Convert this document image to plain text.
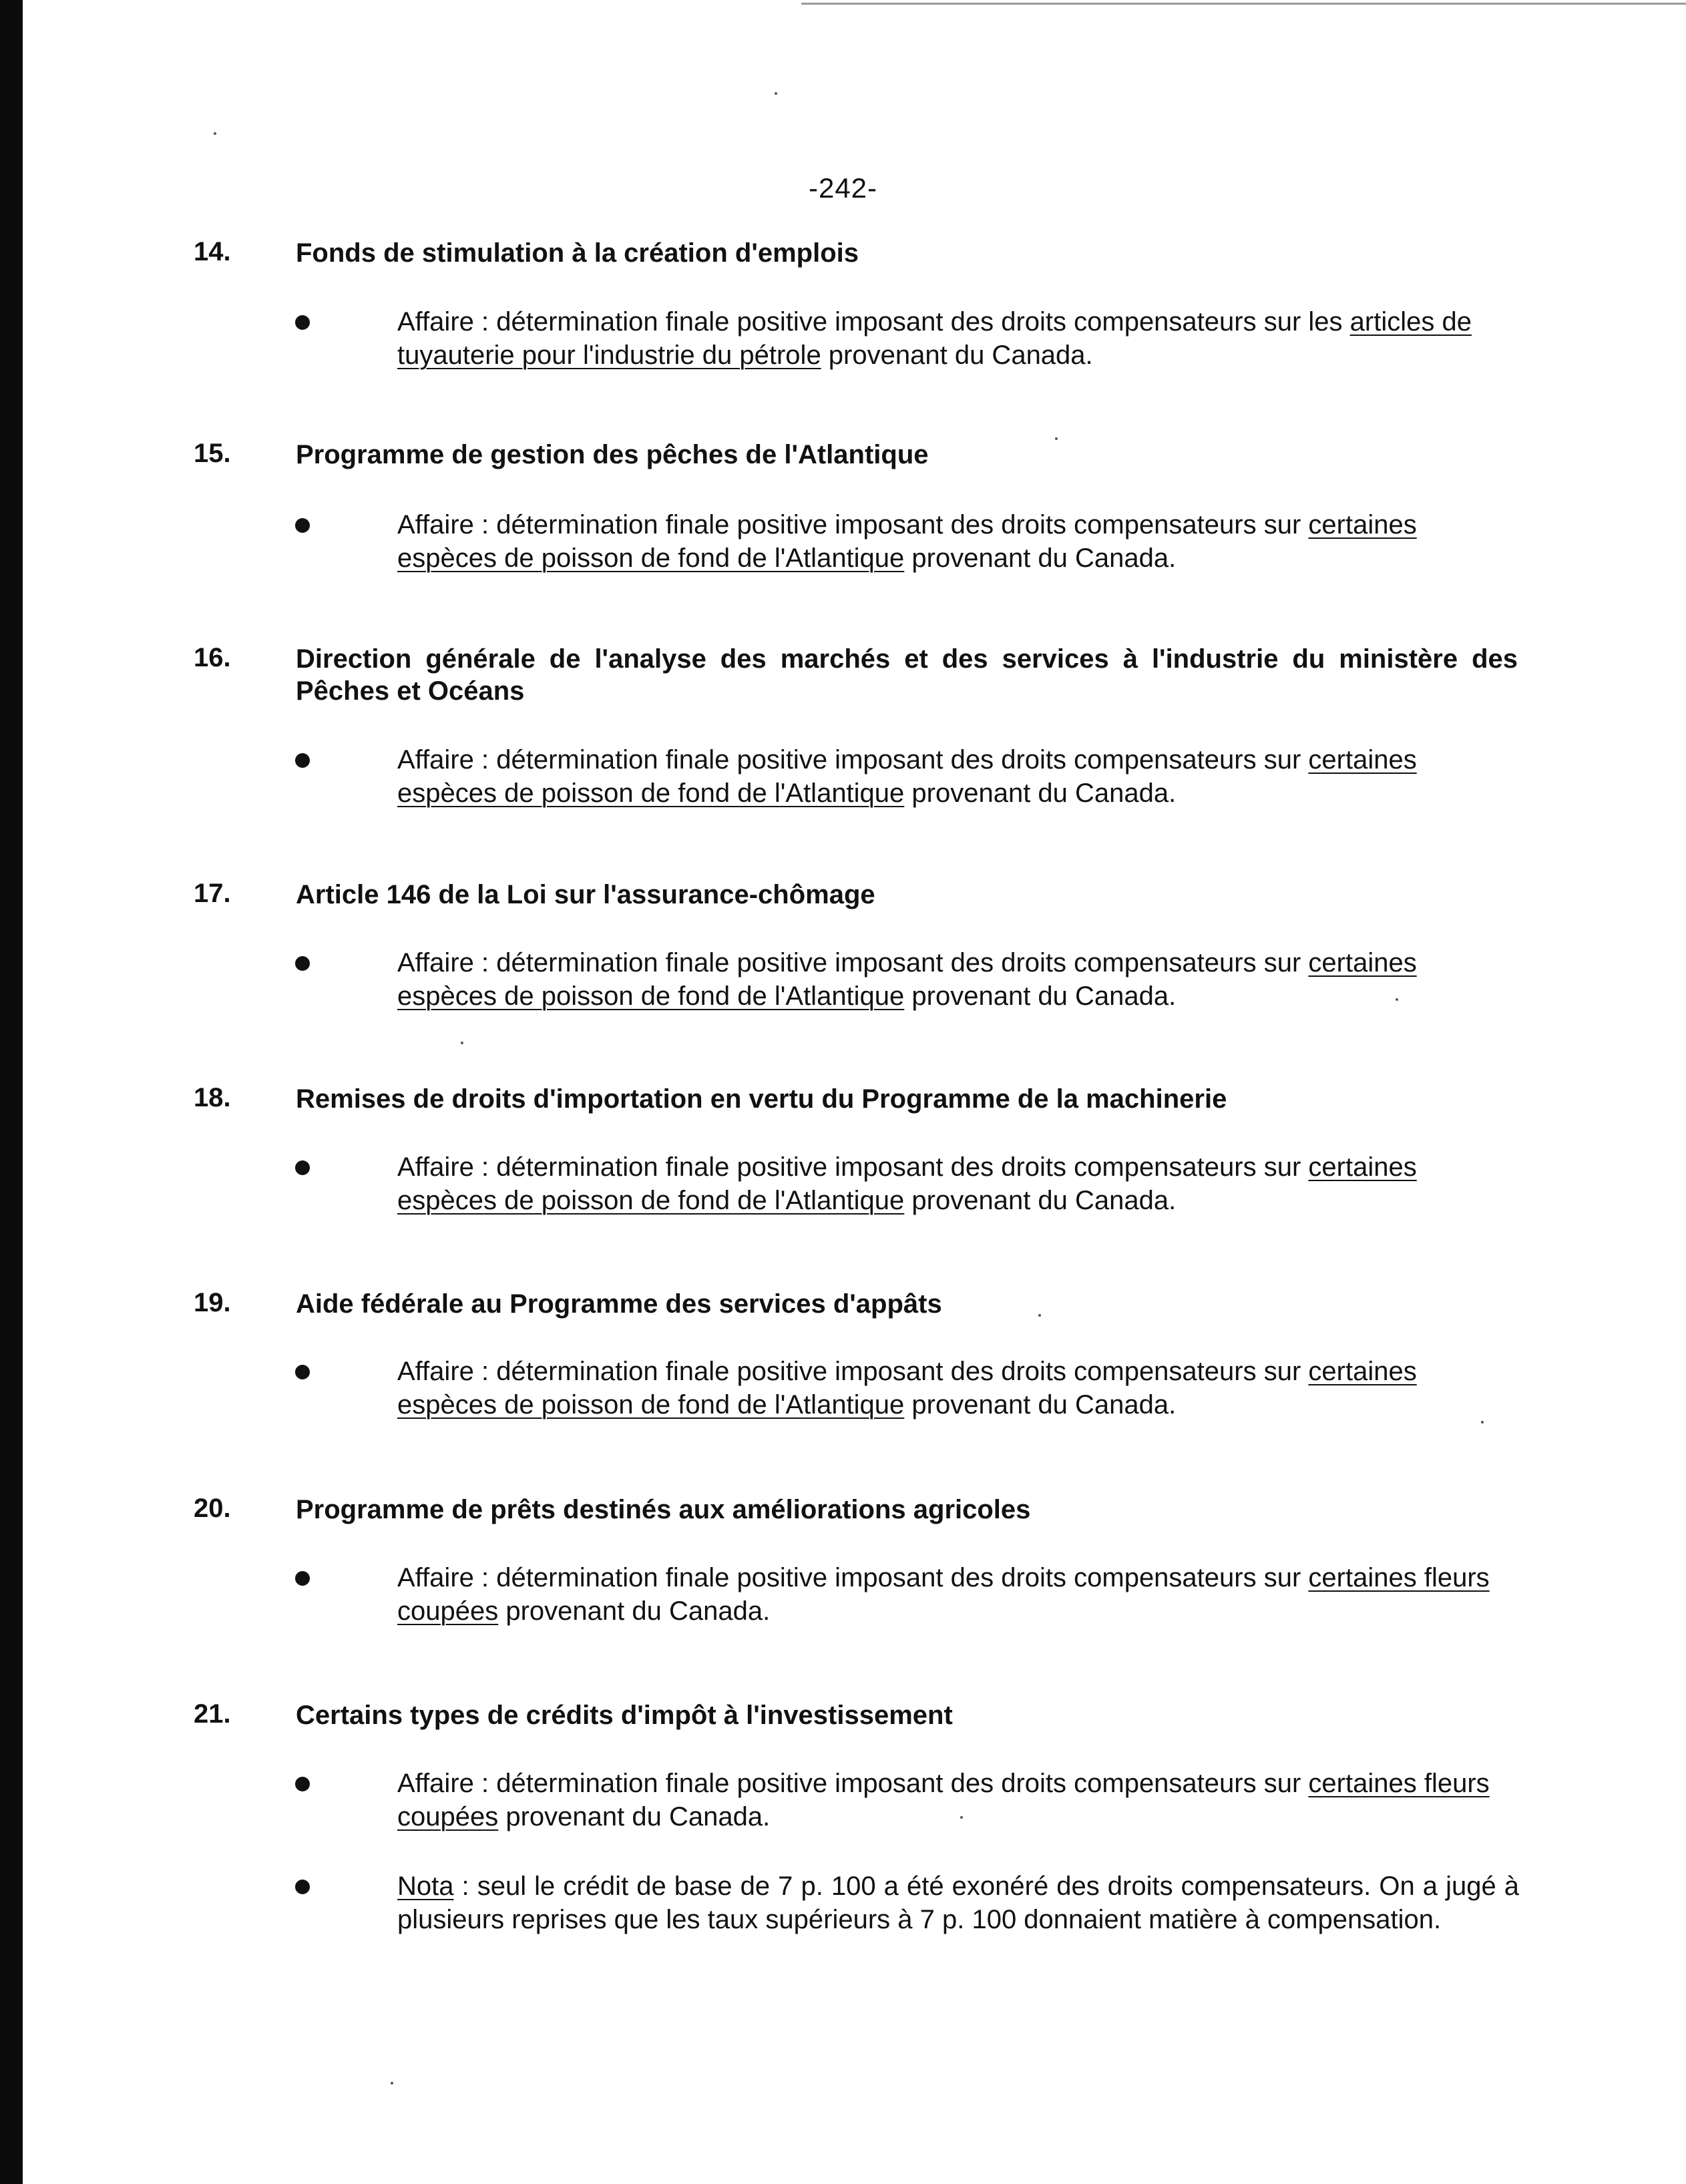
-242-
14. Fonds de stimulation à la création d'emplois
Affaire : détermination finale positive imposant des droits compensateurs sur les articles de tuyauterie pour l'industrie du pétrole provenant du Canada.
15. Programme de gestion des pêches de l'Atlantique
Affaire : détermination finale positive imposant des droits compensateurs sur certaines espèces de poisson de fond de l'Atlantique provenant du Canada.
16. Direction générale de l'analyse des marchés et des services à l'industrie du ministère des Pêches et Océans
Affaire : détermination finale positive imposant des droits compensateurs sur certaines espèces de poisson de fond de l'Atlantique provenant du Canada.
17. Article 146 de la Loi sur l'assurance-chômage
Affaire : détermination finale positive imposant des droits compensateurs sur certaines espèces de poisson de fond de l'Atlantique provenant du Canada.
18. Remises de droits d'importation en vertu du Programme de la machinerie
Affaire : détermination finale positive imposant des droits compensateurs sur certaines espèces de poisson de fond de l'Atlantique provenant du Canada.
19. Aide fédérale au Programme des services d'appâts
Affaire : détermination finale positive imposant des droits compensateurs sur certaines espèces de poisson de fond de l'Atlantique provenant du Canada.
20. Programme de prêts destinés aux améliorations agricoles
Affaire : détermination finale positive imposant des droits compensateurs sur certaines fleurs coupées provenant du Canada.
21. Certains types de crédits d'impôt à l'investissement
Affaire : détermination finale positive imposant des droits compensateurs sur certaines fleurs coupées provenant du Canada.
Nota : seul le crédit de base de 7 p. 100 a été exonéré des droits compensateurs. On a jugé à plusieurs reprises que les taux supérieurs à 7 p. 100 donnaient matière à compensation.
